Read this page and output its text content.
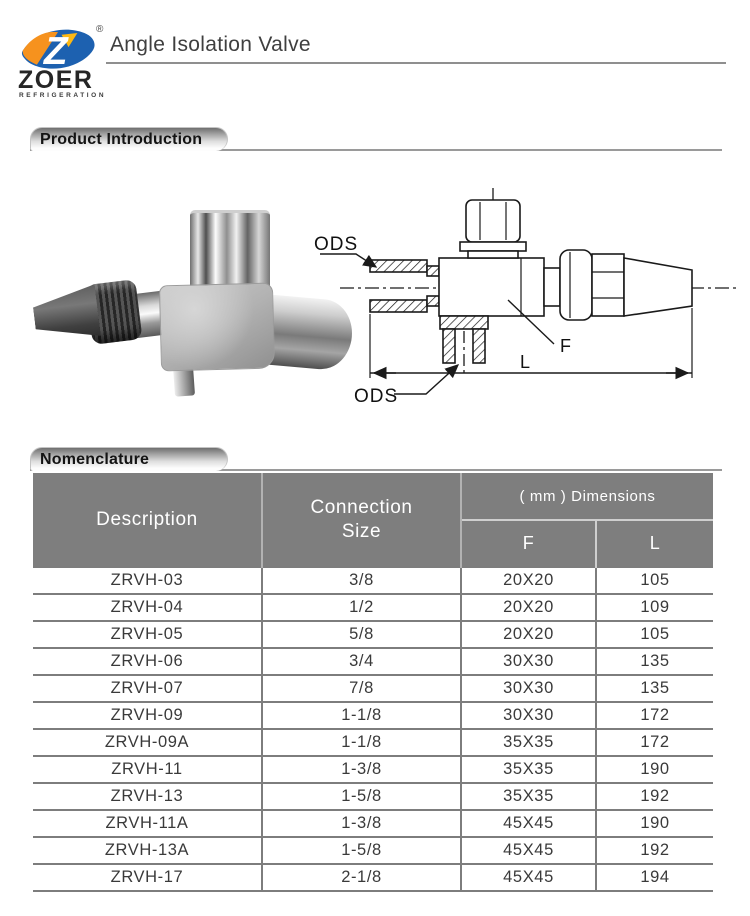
Z
®
ZOER
REFRIGERATION
Angle Isolation Valve
Product Introduction
ODS
ODS
F
L
Nomenclature
Description	Connection Size	( mm ) Dimensions	
		F	L
ZRVH-03	3/8	20X20	105
ZRVH-04	1/2	20X20	109
ZRVH-05	5/8	20X20	105
ZRVH-06	3/4	30X30	135
ZRVH-07	7/8	30X30	135
ZRVH-09	1-1/8	30X30	172
ZRVH-09A	1-1/8	35X35	172
ZRVH-11	1-3/8	35X35	190
ZRVH-13	1-5/8	35X35	192
ZRVH-11A	1-3/8	45X45	190
ZRVH-13A	1-5/8	45X45	192
ZRVH-17	2-1/8	45X45	194
